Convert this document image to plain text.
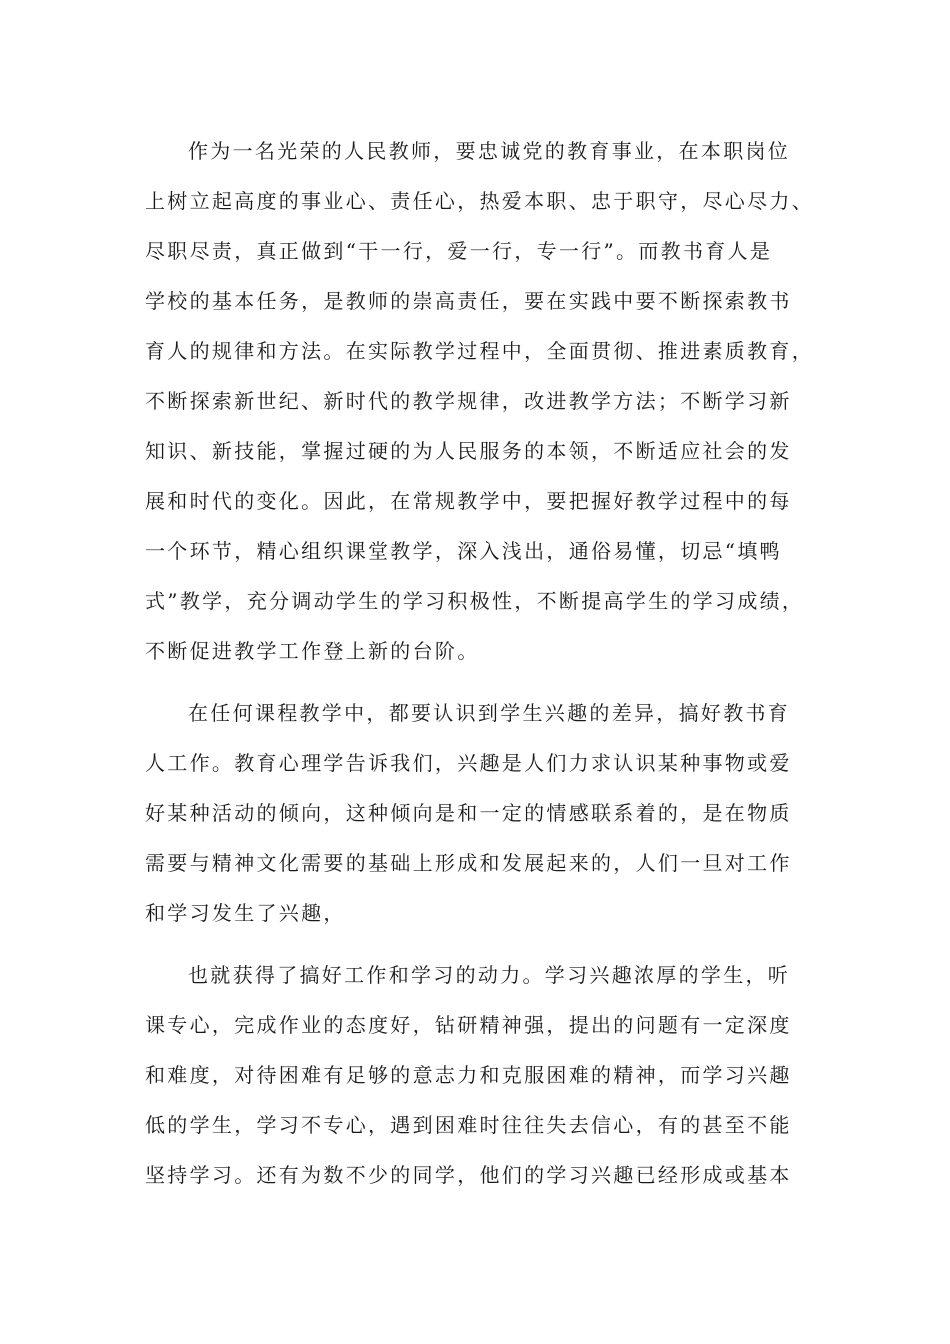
作为一名光荣的人民教师，要忠诚党的教育事业，在本职岗位
上树立起高度的事业心、责任心，热爱本职、忠于职守，尽心尽力、
尽职尽责，真正做到“干一行，爱一行，专一行”。而教书育人是
学校的基本任务，是教师的崇高责任，要在实践中要不断探索教书
育人的规律和方法。在实际教学过程中，全面贯彻、推进素质教育，
不断探索新世纪、新时代的教学规律，改进教学方法；不断学习新
知识、新技能，掌握过硬的为人民服务的本领，不断适应社会的发
展和时代的变化。因此，在常规教学中，要把握好教学过程中的每
一个环节，精心组织课堂教学，深入浅出，通俗易懂，切忌“填鸭
式”教学，充分调动学生的学习积极性，不断提高学生的学习成绩，
不断促进教学工作登上新的台阶。
在任何课程教学中，都要认识到学生兴趣的差异，搞好教书育
人工作。教育心理学告诉我们，兴趣是人们力求认识某种事物或爱
好某种活动的倾向，这种倾向是和一定的情感联系着的，是在物质
需要与精神文化需要的基础上形成和发展起来的，人们一旦对工作
和学习发生了兴趣，
也就获得了搞好工作和学习的动力。学习兴趣浓厚的学生，听
课专心，完成作业的态度好，钻研精神强，提出的问题有一定深度
和难度，对待困难有足够的意志力和克服困难的精神，而学习兴趣
低的学生，学习不专心，遇到困难时往往失去信心，有的甚至不能
坚持学习。还有为数不少的同学，他们的学习兴趣已经形成或基本
